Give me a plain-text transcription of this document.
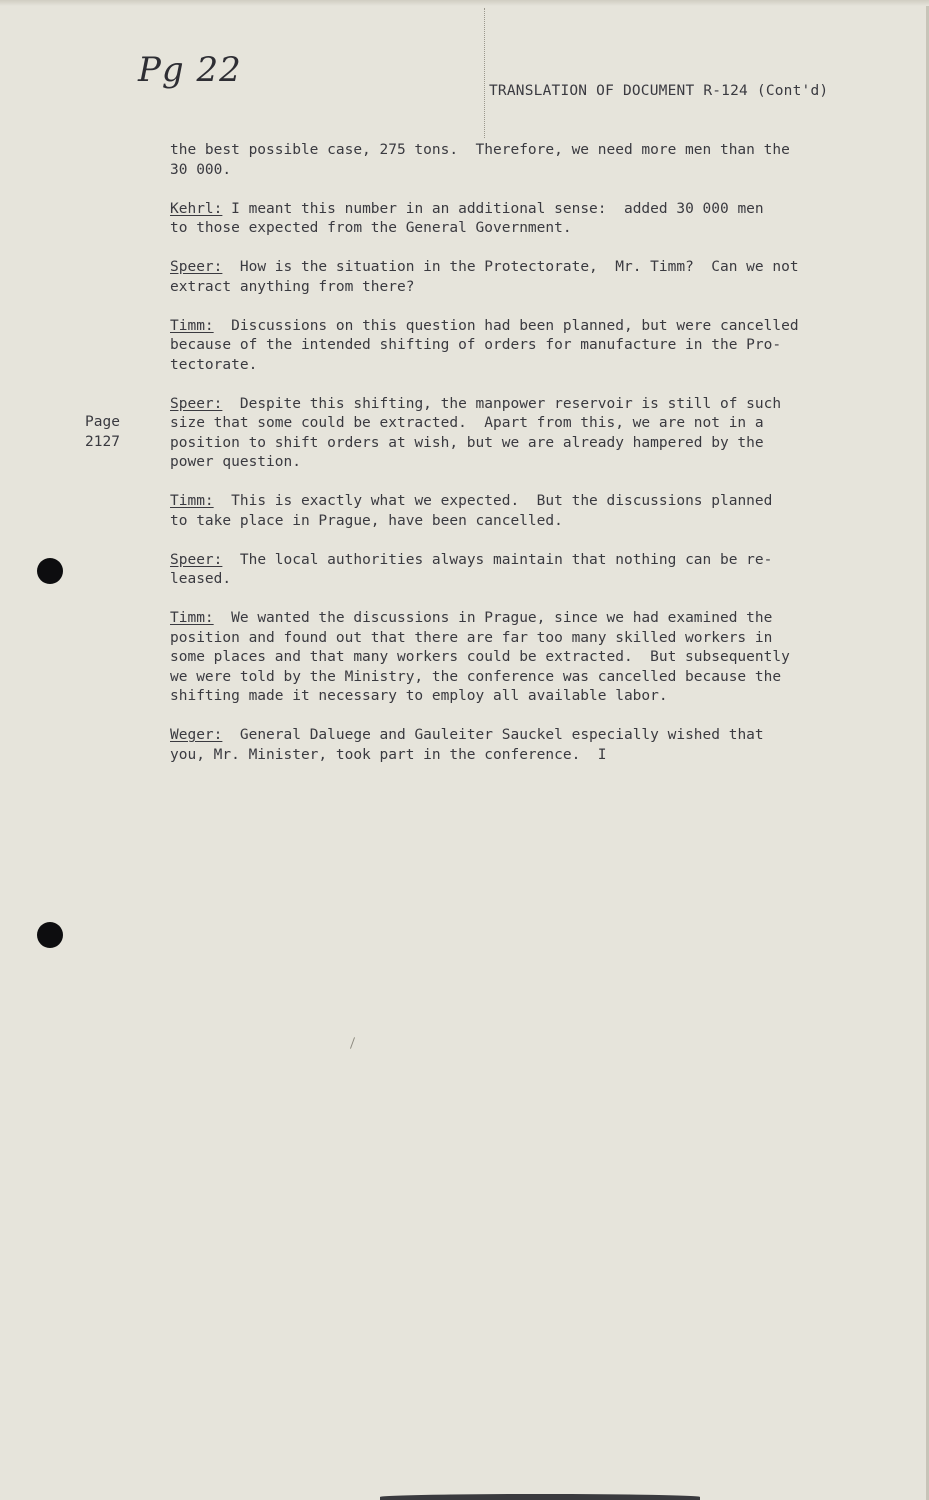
Pg 22
TRANSLATION OF DOCUMENT R-124 (Cont'd)
Page
2127

the best possible case, 275 tons.  Therefore, we need more men than the
30 000.

Kehrl: I meant this number in an additional sense:  added 30 000 men
to those expected from the General Government.

Speer: How is the situation in the Protectorate,  Mr. Timm?  Can we not
extract anything from there?

Timm: Discussions on this question had been planned, but were cancelled
because of the intended shifting of orders for manufacture in the Pro-
tectorate.

Speer: Despite this shifting, the manpower reservoir is still of such
size that some could be extracted.  Apart from this, we are not in a
position to shift orders at wish, but we are already hampered by the
power question.

Timm: This is exactly what we expected.  But the discussions planned
to take place in Prague, have been cancelled.

Speer: The local authorities always maintain that nothing can be re-
leased.

Timm: We wanted the discussions in Prague, since we had examined the
position and found out that there are far too many skilled workers in
some places and that many workers could be extracted.  But subsequently
we were told by the Ministry, the conference was cancelled because the
shifting made it necessary to employ all available labor.

Weger: General Daluege and Gauleiter Sauckel especially wished that
you, Mr. Minister, took part in the conference.  I
